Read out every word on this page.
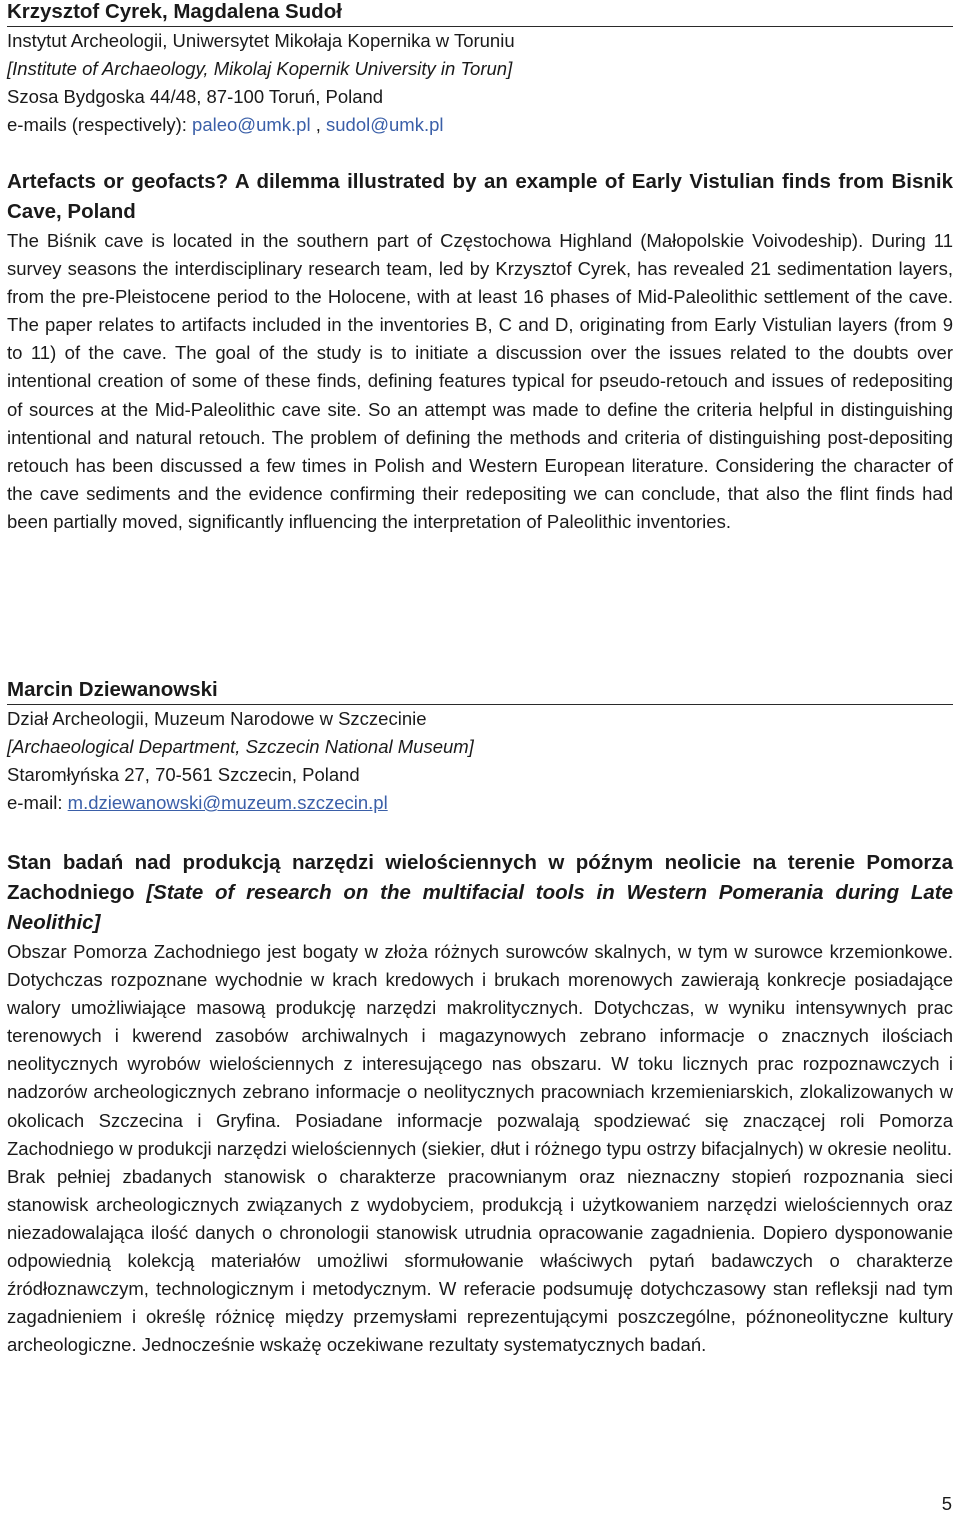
Krzysztof Cyrek, Magdalena Sudoł

Instytut Archeologii, Uniwersytet Mikołaja Kopernika w Toruniu

[Institute of Archaeology, Mikolaj Kopernik University in Torun]

Szosa Bydgoska 44/48, 87-100 Toruń, Poland

e-mails (respectively): paleo@umk.pl , sudol@umk.pl

Artefacts or geofacts? A dilemma illustrated by an example of Early Vistulian finds from Bisnik Cave, Poland

The Biśnik cave is located in the southern part of Częstochowa Highland (Małopolskie Voivodeship). During 11 survey seasons the interdisciplinary research team, led by Krzysztof Cyrek, has revealed 21 sedimentation layers, from the pre-Pleistocene period to the Holocene, with at least 16 phases of Mid-Paleolithic settlement of the cave. The paper relates to artifacts included in the inventories B, C and D, originating from Early Vistulian layers (from 9 to 11) of the cave. The goal of the study is to initiate a discussion over the issues related to the doubts over intentional creation of some of these finds, defining features typical for pseudo-retouch and issues of redepositing of sources at the Mid-Paleolithic cave site. So an attempt was made to define the criteria helpful in distinguishing intentional and natural retouch. The problem of defining the methods and criteria of distinguishing post-depositing retouch has been discussed a few times in Polish and Western European literature. Considering the character of the cave sediments and the evidence confirming their redepositing we can conclude, that also the flint finds had been partially moved, significantly influencing the interpretation of Paleolithic inventories.

Marcin Dziewanowski

Dział Archeologii, Muzeum Narodowe w Szczecinie

[Archaeological Department, Szczecin National Museum]

Staromłyńska 27, 70-561 Szczecin, Poland

e-mail: m.dziewanowski@muzeum.szczecin.pl

Stan badań nad produkcją narzędzi wielościennych w późnym neolicie na terenie Pomorza Zachodniego [State of research on the multifacial tools in Western Pomerania during Late Neolithic]

Obszar Pomorza Zachodniego jest bogaty w złoża różnych surowców skalnych, w tym w surowce krzemionkowe. Dotychczas rozpoznane wychodnie w krach kredowych i brukach morenowych zawierają konkrecje posiadające walory umożliwiające masową produkcję narzędzi makrolitycznych. Dotychczas, w wyniku intensywnych prac terenowych i kwerend zasobów archiwalnych i magazynowych zebrano informacje o znacznych ilościach neolitycznych wyrobów wielościennych z interesującego nas obszaru. W toku licznych prac rozpoznawczych i nadzorów archeologicznych zebrano informacje o neolitycznych pracowniach krzemieniarskich, zlokalizowanych w okolicach Szczecina i Gryfina. Posiadane informacje pozwalają spodziewać się znaczącej roli Pomorza Zachodniego w produkcji narzędzi wielościennych (siekier, dłut i różnego typu ostrzy bifacjalnych) w okresie neolitu.

Brak pełniej zbadanych stanowisk o charakterze pracownianym oraz nieznaczny stopień rozpoznania sieci stanowisk archeologicznych związanych z wydobyciem, produkcją i użytkowaniem narzędzi wielościennych oraz niezadowalająca ilość danych o chronologii stanowisk utrudnia opracowanie zagadnienia. Dopiero dysponowanie odpowiednią kolekcją materiałów umożliwi sformułowanie właściwych pytań badawczych o charakterze źródłoznawczym, technologicznym i metodycznym. W referacie podsumuję dotychczasowy stan refleksji nad tym zagadnieniem i określę różnicę między przemysłami reprezentującymi poszczególne, późnoneolityczne kultury archeologiczne. Jednocześnie wskażę oczekiwane rezultaty systematycznych badań.

5
